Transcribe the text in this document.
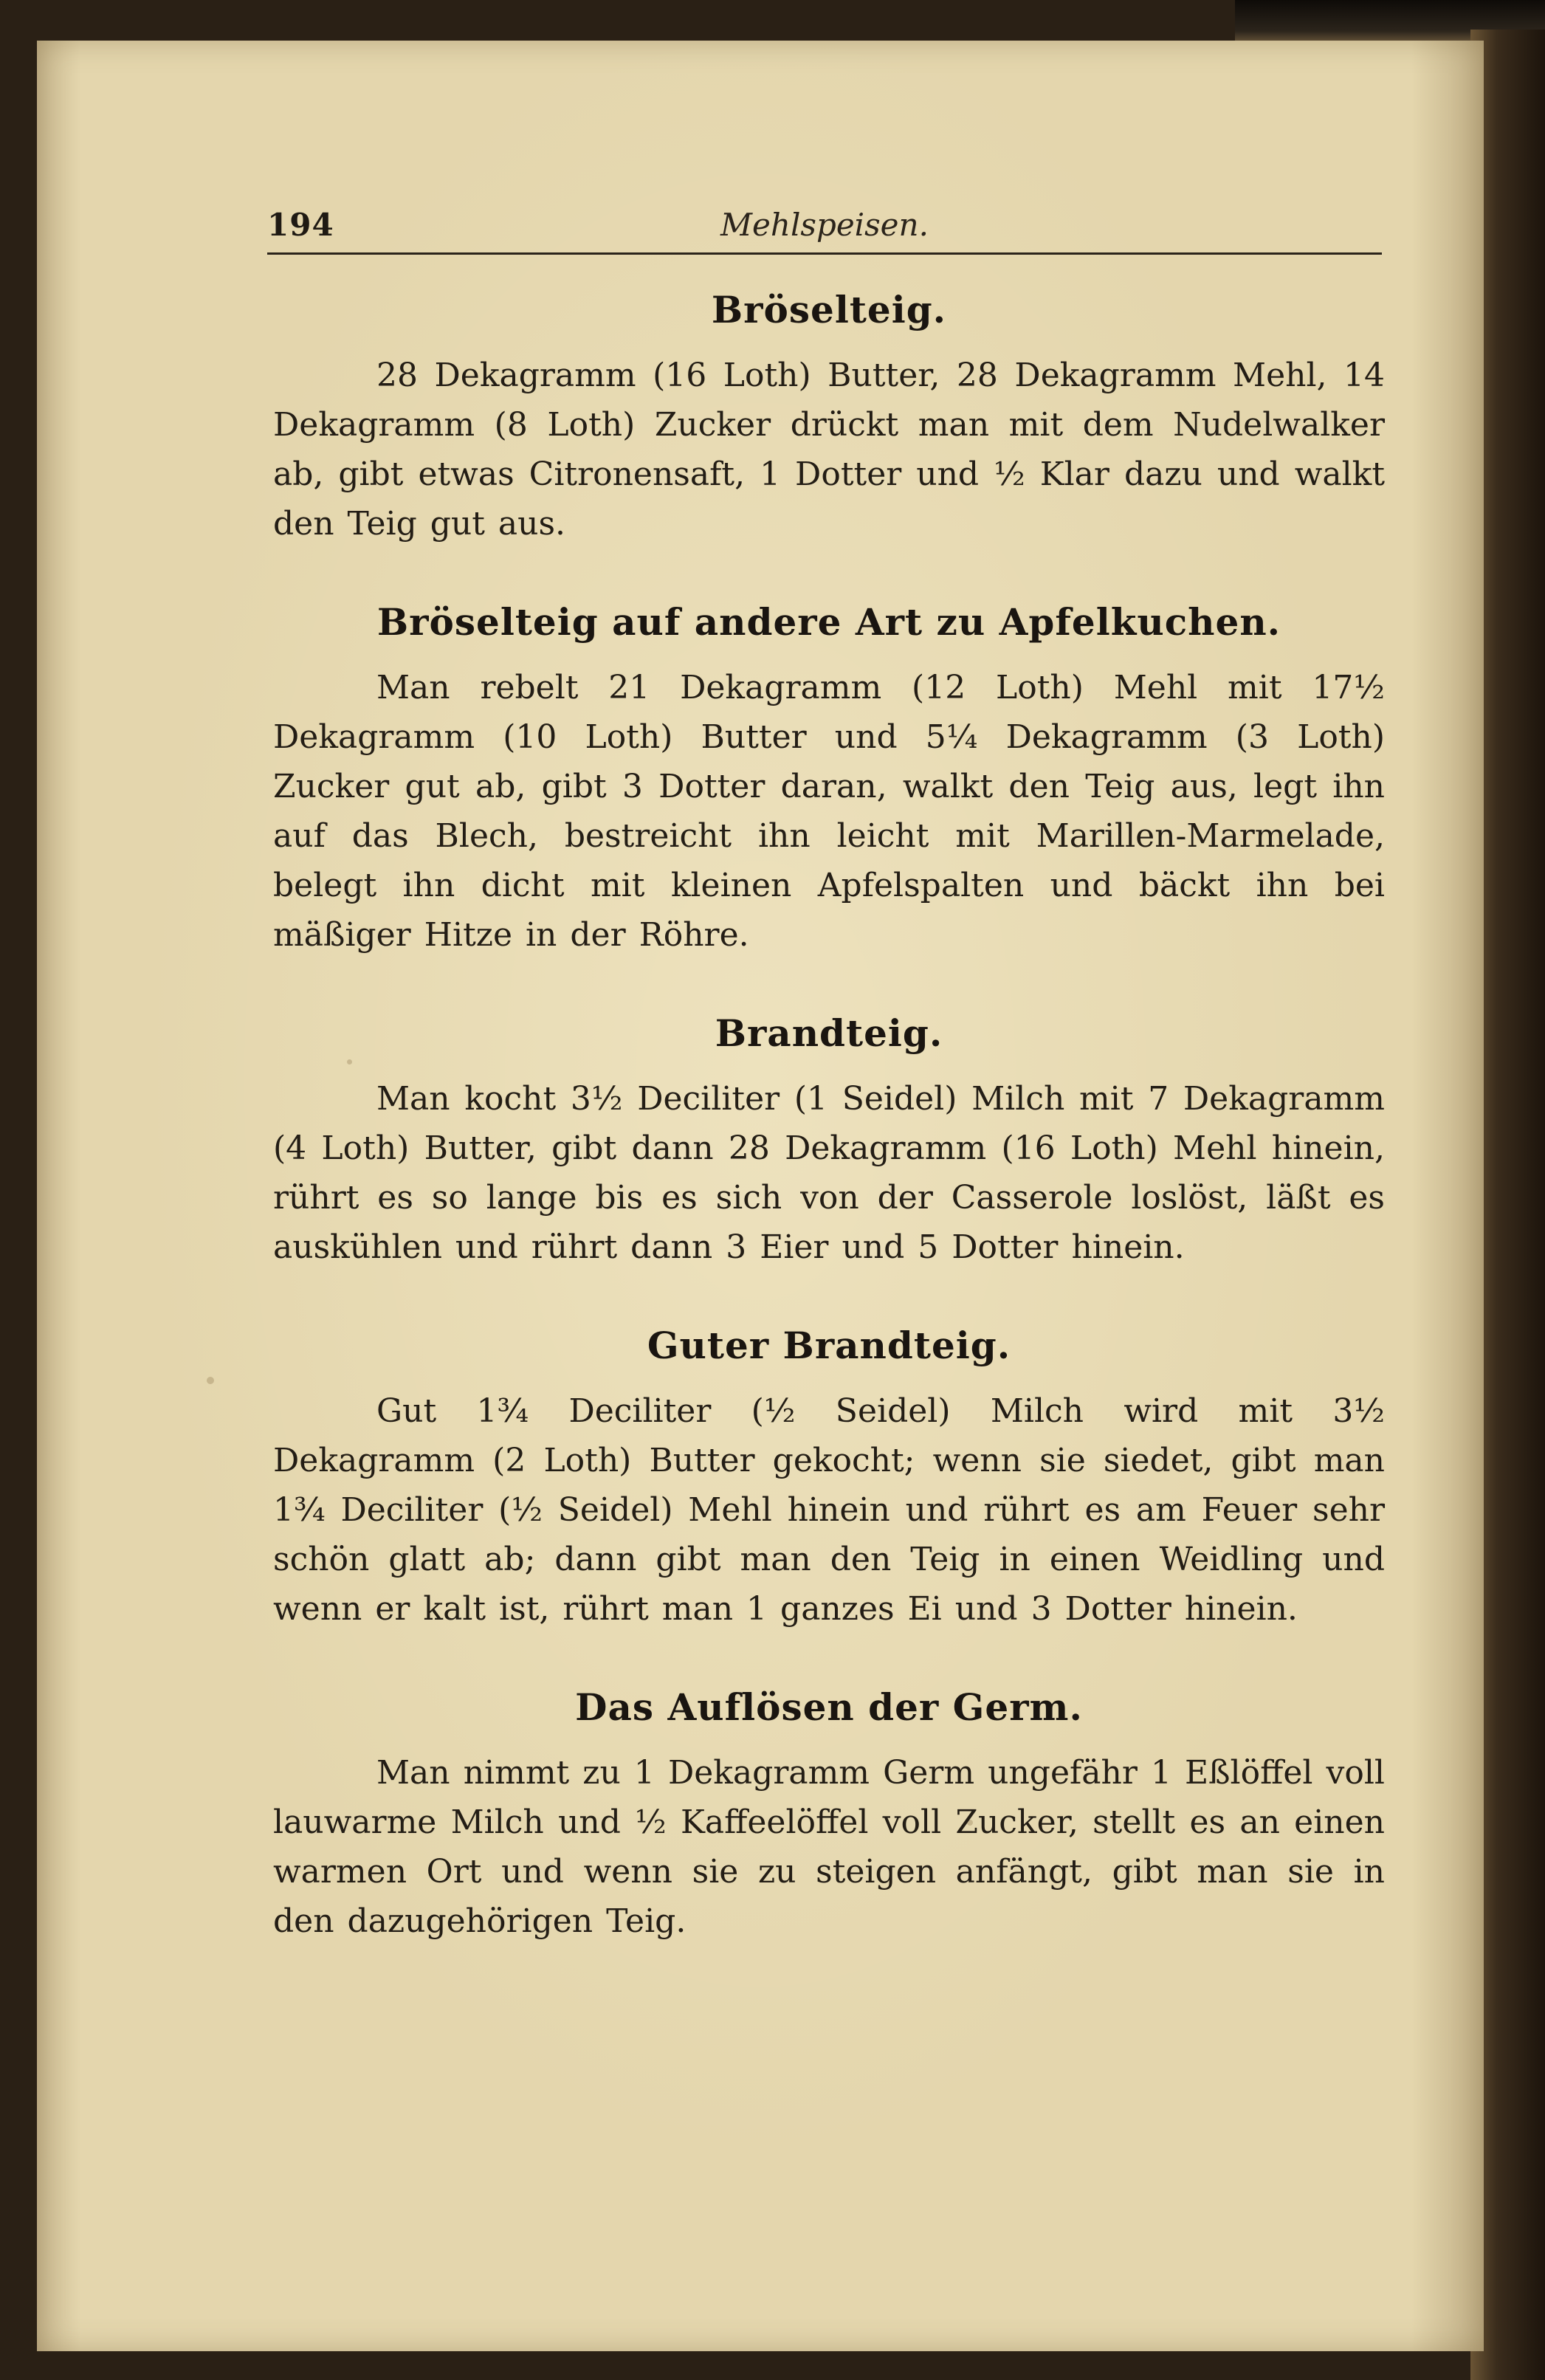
194	Mehlspeisen.
Bröselteig.

28 Dekagramm (16 Loth) Butter, 28 Dekagramm Mehl, 14 Dekagramm (8 Loth) Zucker drückt man mit dem Nudelwalker ab, gibt etwas Citronensaft, 1 Dotter und ½ Klar dazu und walkt den Teig gut aus.

Bröselteig auf andere Art zu Apfelkuchen.

Man rebelt 21 Dekagramm (12 Loth) Mehl mit 17½ Dekagramm (10 Loth) Butter und 5¼ Dekagramm (3 Loth) Zucker gut ab, gibt 3 Dotter daran, walkt den Teig aus, legt ihn auf das Blech, bestreicht ihn leicht mit Marillen-Marmelade, belegt ihn dicht mit kleinen Apfelspalten und bäckt ihn bei mäßiger Hitze in der Röhre.

Brandteig.

Man kocht 3½ Deciliter (1 Seidel) Milch mit 7 Dekagramm (4 Loth) Butter, gibt dann 28 Dekagramm (16 Loth) Mehl hinein, rührt es so lange bis es sich von der Casserole loslöst, läßt es auskühlen und rührt dann 3 Eier und 5 Dotter hinein.

Guter Brandteig.

Gut 1¾ Deciliter (½ Seidel) Milch wird mit 3½ Dekagramm (2 Loth) Butter gekocht; wenn sie siedet, gibt man 1¾ Deciliter (½ Seidel) Mehl hinein und rührt es am Feuer sehr schön glatt ab; dann gibt man den Teig in einen Weidling und wenn er kalt ist, rührt man 1 ganzes Ei und 3 Dotter hinein.

Das Auflösen der Germ.

Man nimmt zu 1 Dekagramm Germ ungefähr 1 Eßlöffel voll lauwarme Milch und ½ Kaffeelöffel voll Zucker, stellt es an einen warmen Ort und wenn sie zu steigen anfängt, gibt man sie in den dazugehörigen Teig.
